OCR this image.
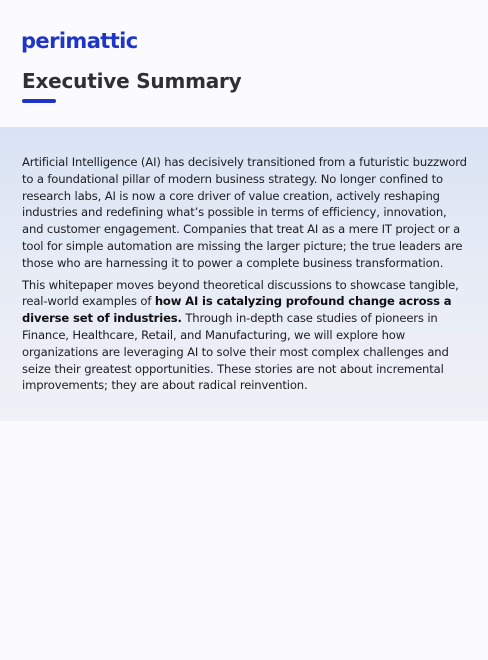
perimattic
Executive Summary

Artificial Intelligence (AI) has decisively transitioned from a futuristic buzzword to a foundational pillar of modern business strategy. No longer confined to research labs, AI is now a core driver of value creation, actively reshaping industries and redefining what’s possible in terms of efficiency, innovation, and customer engagement. Companies that treat AI as a mere IT project or a tool for simple automation are missing the larger picture; the true leaders are those who are harnessing it to power a complete business transformation.

This whitepaper moves beyond theoretical discussions to showcase tangible, real-world examples of how AI is catalyzing profound change across a diverse set of industries. Through in-depth case studies of pioneers in Finance, Healthcare, Retail, and Manufacturing, we will explore how organizations are leveraging AI to solve their most complex challenges and seize their greatest opportunities. These stories are not about incremental improvements; they are about radical reinvention.
